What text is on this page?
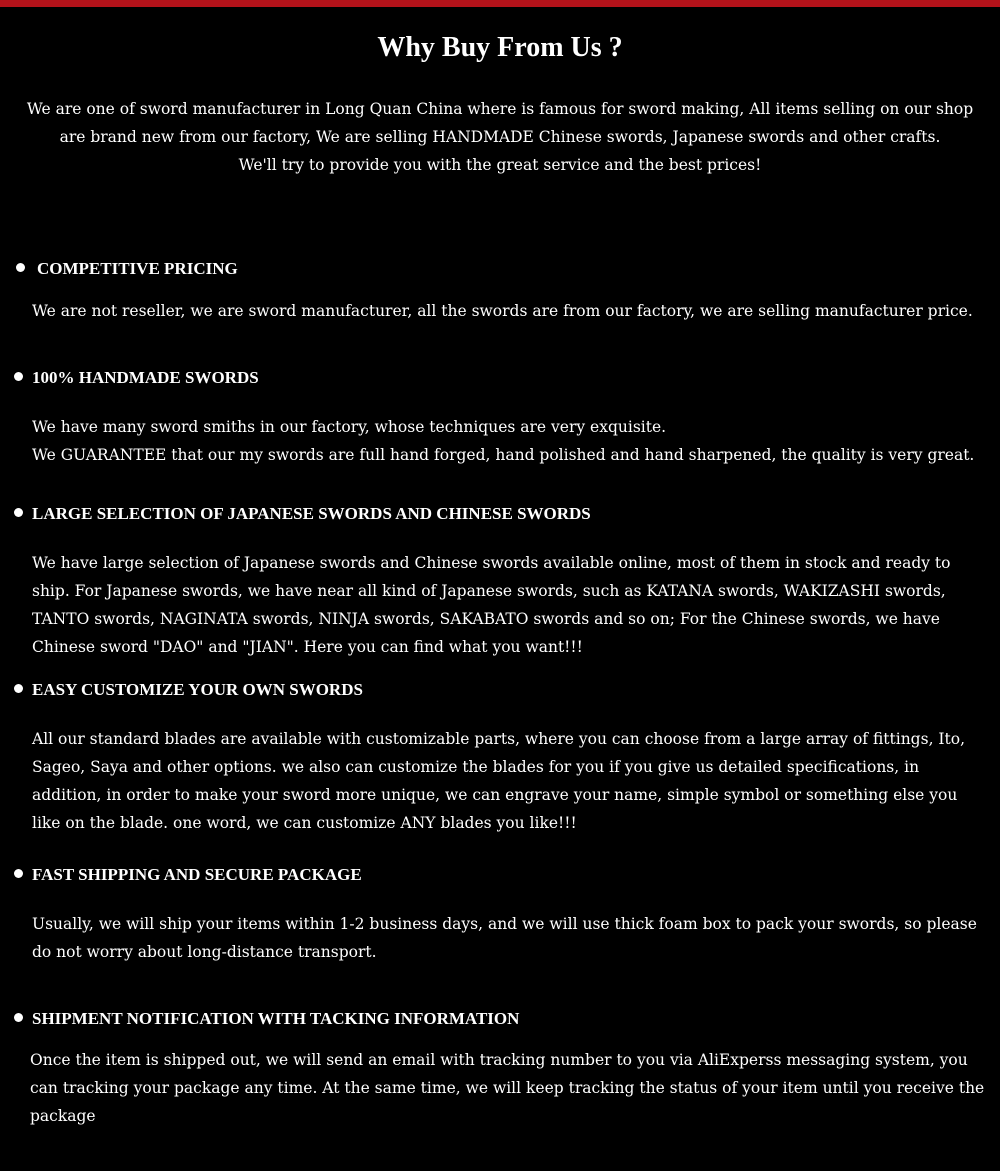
Why Buy From Us ?

We are one of sword manufacturer in Long Quan China where is famous for sword making, All items selling on our shop
are brand new from our factory, We are selling HANDMADE Chinese swords, Japanese swords and other crafts.
We'll try to provide you with the great service and the best prices!

COMPETITIVE PRICING

We are not reseller, we are sword manufacturer, all the swords are from our factory, we are selling manufacturer price.

100% HANDMADE SWORDS

We have many sword smiths in our factory, whose techniques are very exquisite.
We GUARANTEE that our my swords are full hand forged, hand polished and hand sharpened, the quality is very great.

LARGE SELECTION OF JAPANESE SWORDS AND CHINESE SWORDS

We have large selection of Japanese swords and Chinese swords available online, most of them in stock and ready to
ship. For Japanese swords, we have near all kind of Japanese swords, such as KATANA swords, WAKIZASHI swords,
TANTO swords, NAGINATA swords, NINJA swords, SAKABATO swords and so on; For the Chinese swords, we have
Chinese sword "DAO" and "JIAN". Here you can find what you want!!!

EASY CUSTOMIZE YOUR OWN SWORDS

All our standard blades are available with customizable parts, where you can choose from a large array of fittings, Ito,
Sageo, Saya and other options. we also can customize the blades for you if you give us detailed specifications, in
addition, in order to make your sword more unique, we can engrave your name, simple symbol or something else you
like on the blade. one word, we can customize ANY blades you like!!!

FAST SHIPPING AND SECURE PACKAGE

Usually, we will ship your items within 1-2 business days, and we will use thick foam box to pack your swords, so please
do not worry about long-distance transport.

SHIPMENT NOTIFICATION WITH TACKING INFORMATION

Once the item is shipped out, we will send an email with tracking number to you via AliExperss messaging system, you
can tracking your package any time. At the same time, we will keep tracking the status of your item until you receive the
package
